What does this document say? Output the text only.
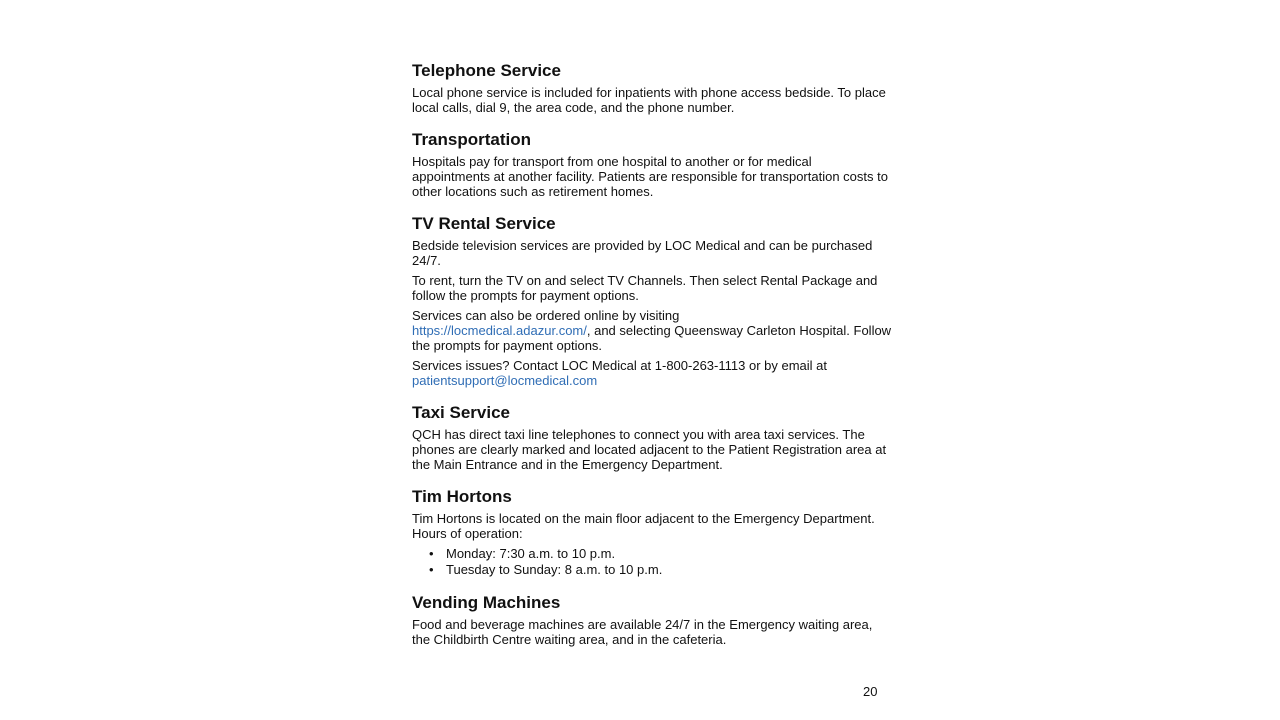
Telephone Service

Local phone service is included for inpatients with phone access bedside. To place local calls, dial 9, the area code, and the phone number.

Transportation

Hospitals pay for transport from one hospital to another or for medical appointments at another facility. Patients are responsible for transportation costs to other locations such as retirement homes.

TV Rental Service

Bedside television services are provided by LOC Medical and can be purchased 24/7.

To rent, turn the TV on and select TV Channels. Then select Rental Package and follow the prompts for payment options.

Services can also be ordered online by visiting
https://locmedical.adazur.com/, and selecting Queensway Carleton Hospital. Follow the prompts for payment options.

Services issues? Contact LOC Medical at 1-800-263-1113 or by email at
patientsupport@locmedical.com

Taxi Service

QCH has direct taxi line telephones to connect you with area taxi services. The phones are clearly marked and located adjacent to the Patient Registration area at the Main Entrance and in the Emergency Department.

Tim Hortons

Tim Hortons is located on the main floor adjacent to the Emergency Department. Hours of operation:

• Monday: 7:30 a.m. to 10 p.m.
• Tuesday to Sunday: 8 a.m. to 10 p.m.
Vending Machines

Food and beverage machines are available 24/7 in the Emergency waiting area, the Childbirth Centre waiting area, and in the cafeteria.

20
